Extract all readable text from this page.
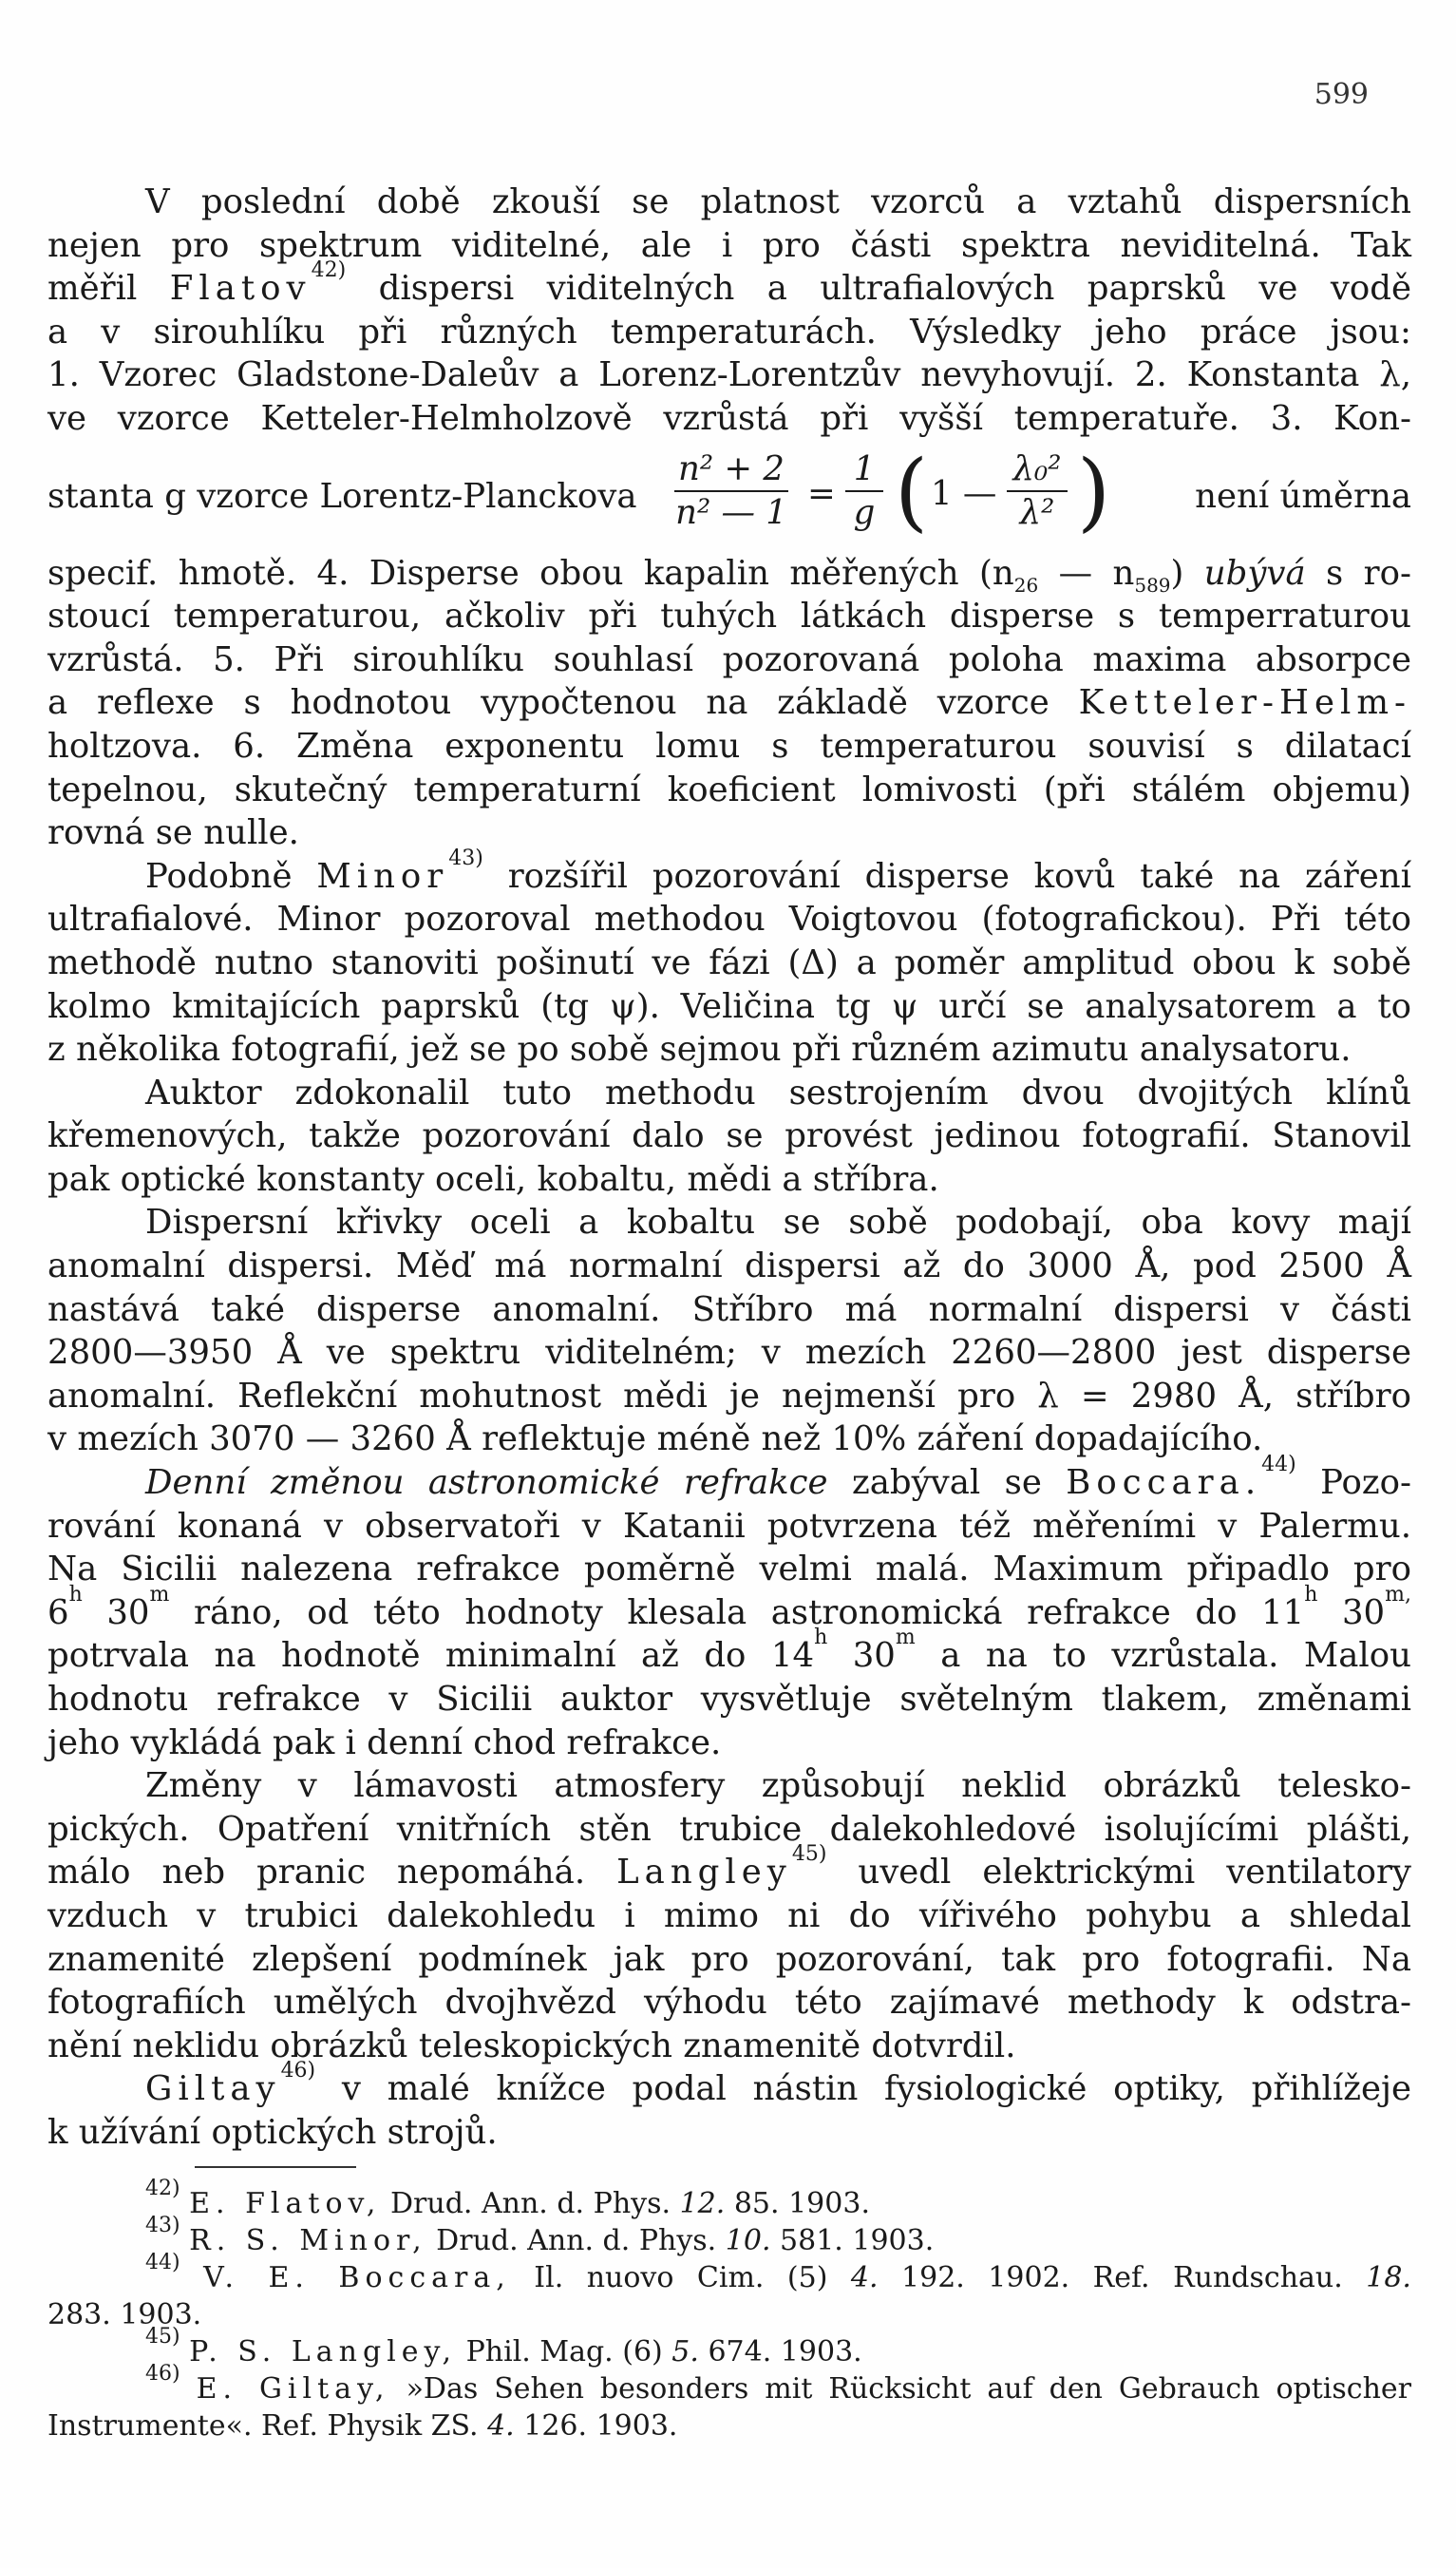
599
V poslední době zkouší se platnost vzorců a vztahů dispersních
nejen pro spektrum viditelné, ale i pro části spektra neviditelná. Tak
měřil Flatov$^{42)}$ dispersi viditelných a ultrafialových paprsků ve vodě
a v sirouhlíku při různých temperaturách. Výsledky jeho práce jsou:
1. Vzorec Gladstone-Daleův a Lorenz-Lorentzův nevyhovují. 2. Konstanta λ,
ve vzorce Ketteler-Helmholzově vzrůstá při vyšší temperatuře. 3. Kon-
stanta g vzorce Lorentz-Planckova $\frac{\text{n² + 2}}{\text{n² — 1}} = \frac{1}{g}$ ( 1 — $\frac{\text{λ₀²}}{\text{λ²}}$ )	není úměrna
specif. hmotě. 4. Disperse obou kapalin měřených ($n_{26}$ — $n_{589}$) ubývá s ro-
stoucí temperaturou, ačkoliv při tuhých látkách disperse s temperraturou
vzrůstá. 5. Při sirouhlíku souhlasí pozorovaná poloha maxima absorpce
a reflexe s hodnotou vypočtenou na základě vzorce Ketteler-Helm-
holtzova. 6. Změna exponentu lomu s temperaturou souvisí s dilatací
tepelnou, skutečný temperaturní koeficient lomivosti (při stálém objemu)
rovná se nulle.
Podobně Minor$^{43)}$ rozšířil pozorování disperse kovů také na záření
ultrafialové. Minor pozoroval methodou Voigtovou (fotografickou). Při této
methodě nutno stanoviti pošinutí ve fázi (Δ) a poměr amplitud obou k sobě
kolmo kmitajících paprsků (tg ψ). Veličina tg ψ určí se analysatorem a to
z několika fotografií, jež se po sobě sejmou při různém azimutu analysatoru.
Auktor zdokonalil tuto methodu sestrojením dvou dvojitých klínů
křemenových, takže pozorování dalo se provést jedinou fotografií. Stanovil
pak optické konstanty oceli, kobaltu, mědi a stříbra.
Dispersní křivky oceli a kobaltu se sobě podobají, oba kovy mají
anomalní dispersi. Měď má normalní dispersi až do 3000 Å, pod 2500 Å
nastává také disperse anomalní. Stříbro má normalní dispersi v části
2800—3950 Å ve spektru viditelném; v mezích 2260—2800 jest disperse
anomalní. Reflekční mohutnost mědi je nejmenší pro λ = 2980 Å, stříbro
v mezích 3070 — 3260 Å reflektuje méně než 10% záření dopadajícího.
Denní změnou astronomické refrakce zabýval se Boccara.$^{44)}$ Pozo-
rování konaná v observatoři v Katanii potvrzena též měřeními v Palermu.
Na Sicilii nalezena refrakce poměrně velmi malá. Maximum připadlo pro
6$^h$ 30$^m$ ráno, od této hodnoty klesala astronomická refrakce do 11$^h$ $30^{m,}$
potrvala na hodnotě minimalní až do 14$^h$ 30$^m$ a na to vzrůstala. Malou
hodnotu refrakce v Sicilii auktor vysvětluje světelným tlakem, změnami
jeho vykládá pak i denní chod refrakce.
Změny v lámavosti atmosfery způsobují neklid obrázků telesko-
pických. Opatření vnitřních stěn trubice dalekohledové isolujícími plášti,
málo neb pranic nepomáhá. Langley$^{45)}$ uvedl elektrickými ventilatory
vzduch v trubici dalekohledu i mimo ni do vířivého pohybu a shledal
znamenité zlepšení podmínek jak pro pozorování, tak pro fotografii. Na
fotografiích umělých dvojhvězd výhodu této zajímavé methody k odstra-
nění neklidu obrázků teleskopických znamenitě dotvrdil.
Giltay$^{46)}$ v malé knížce podal nástin fysiologické optiky, přihlížeje
k užívání optických strojů.
$^{42)}$ E. Flatov, Drud. Ann. d. Phys. 12. 85. 1903.
$^{43)}$ R. S. Minor, Drud. Ann. d. Phys. 10. 581. 1903.
$^{44)}$ V. E. Boccara, Il. nuovo Cim. (5) 4. 192. 1902. Ref. Rundschau. 18.
283. 1903.
$^{45)}$ P. S. Langley, Phil. Mag. (6) 5. 674. 1903.
$^{46)}$ E. Giltay, »Das Sehen besonders mit Rücksicht auf den Gebrauch optischer
Instrumente«. Ref. Physik ZS. 4. 126. 1903.
